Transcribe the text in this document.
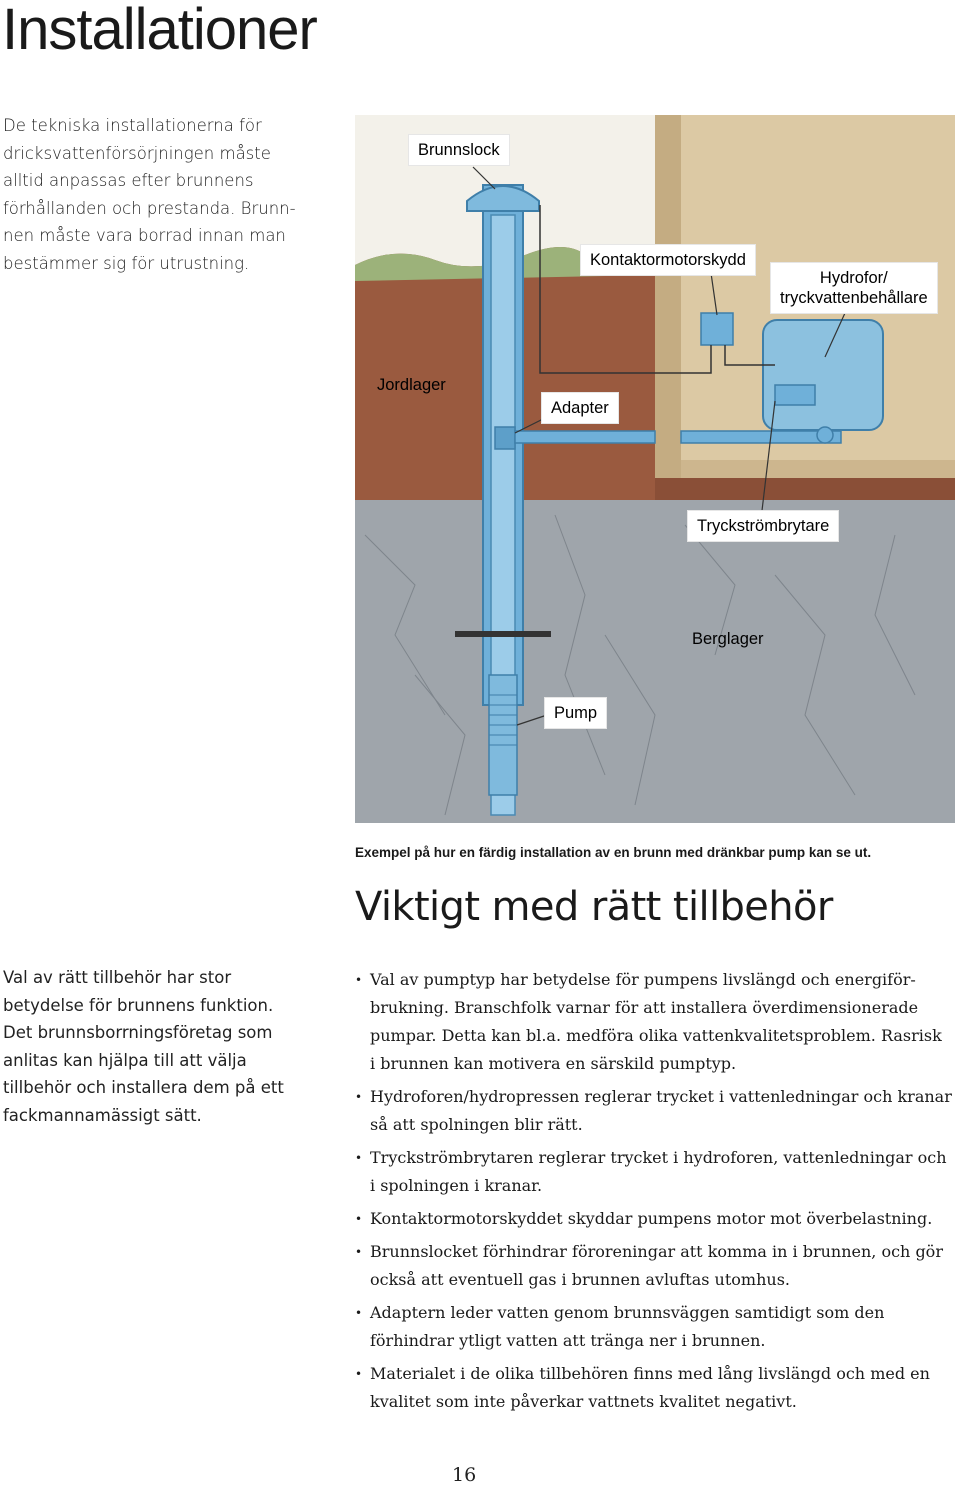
Installationer
De tekniska installationerna för
dricksvattenförsörjningen måste
alltid anpassas efter brunnens
förhållanden och prestanda. Brunn-
nen måste vara borrad innan man
bestämmer sig för utrustning.
Brunnslock
Kontaktormotorskydd
Hydrofor/
tryckvattenbehållare
Jordlager
Adapter
Tryckströmbrytare
Berglager
Pump
Exempel på hur en färdig installation av en brunn med dränkbar pump kan se ut.
Viktigt med rätt tillbehör
Val av rätt tillbehör har stor
betydelse för brunnens funktion.
Det brunnsborrningsföretag som
anlitas kan hjälpa till att välja
tillbehör och installera dem på ett
fackmannamässigt sätt.
• Val av pumptyp har betydelse för pumpens livslängd och energiför-
brukning. Branschfolk varnar för att installera överdimensionerade
pumpar. Detta kan bl.a. medföra olika vattenkvalitetsproblem. Rasrisk
i brunnen kan motivera en särskild pumptyp.
• Hydroforen/hydropressen reglerar trycket i vattenledningar och kranar
så att spolningen blir rätt.
• Tryckströmbrytaren reglerar trycket i hydroforen, vattenledningar och
i spolningen i kranar.
• Kontaktormotorskyddet skyddar pumpens motor mot överbelastning.
• Brunnslocket förhindrar föroreningar att komma in i brunnen, och gör
också att eventuell gas i brunnen avluftas utomhus.
• Adaptern leder vatten genom brunnsväggen samtidigt som den
förhindrar ytligt vatten att tränga ner i brunnen.
• Materialet i de olika tillbehören finns med lång livslängd och med en
kvalitet som inte påverkar vattnets kvalitet negativt.
16
